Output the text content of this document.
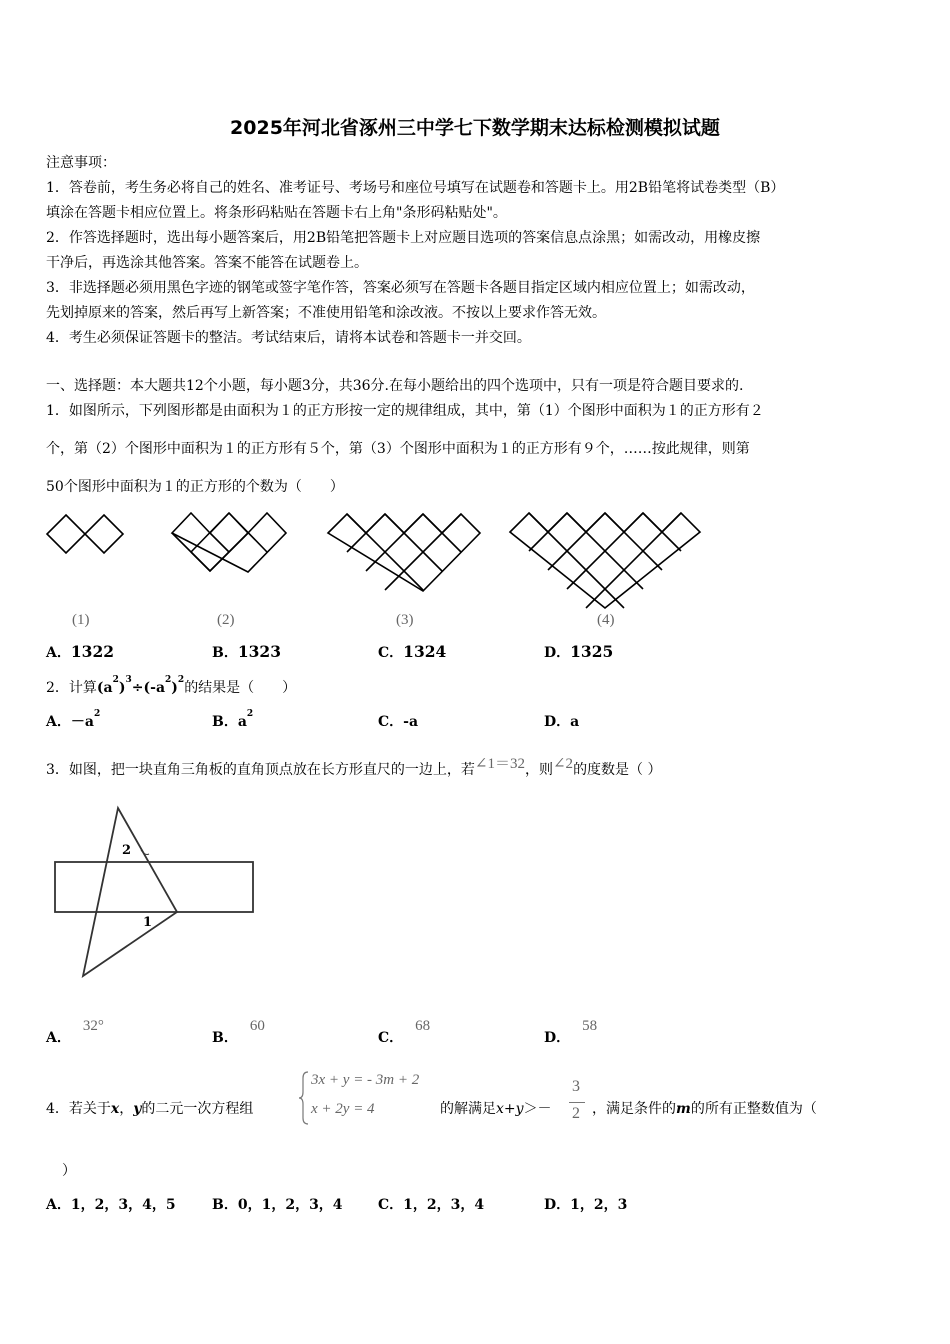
2025年河北省涿州三中学七下数学期末达标检测模拟试题
注意事项：
1．答卷前，考生务必将自己的姓名、准考证号、考场号和座位号填写在试题卷和答题卡上。用2B铅笔将试卷类型（B）
填涂在答题卡相应位置上。将条形码粘贴在答题卡右上角"条形码粘贴处"。
2．作答选择题时，选出每小题答案后，用2B铅笔把答题卡上对应题目选项的答案信息点涂黑；如需改动，用橡皮擦
干净后，再选涂其他答案。答案不能答在试题卷上。
3．非选择题必须用黑色字迹的钢笔或签字笔作答，答案必须写在答题卡各题目指定区域内相应位置上；如需改动，
先划掉原来的答案，然后再写上新答案；不准使用铅笔和涂改液。不按以上要求作答无效。
4．考生必须保证答题卡的整洁。考试结束后，请将本试卷和答题卡一并交回。
一、选择题：本大题共12个小题，每小题3分，共36分.在每小题给出的四个选项中，只有一项是符合题目要求的.
1．如图所示，下列图形都是由面积为１的正方形按一定的规律组成，其中，第（1）个图形中面积为１的正方形有２
个，第（2）个图形中面积为１的正方形有５个，第（3）个图形中面积为１的正方形有９个，……按此规律，则第
50个图形中面积为１的正方形的个数为（　　）
(1)	(2)	(3)	(4)
A．1322	B．1323	C．1324	D．1325
2．计算$(a^2)^3\div(-a^2)^2$的结果是（　　）
A．$-a^2$	B．$a^2$	C．-a	D．a
3．如图，把一块直角三角板的直角顶点放在长方形直尺的一边上，若∠1＝32，则∠2的度数是（ ）
2
1
A．32°
B．60
C．68
D．58
4．若关于x，y的二元一次方程组
3x + y = - 3m + 2
x + 2y = 4	的解满足x+y＞－
3
2 ，满足条件的m的所有正整数值为（
）
A．1，2，3，4，5	B．0，1，2，3，4	C．1，2，3，4	D．1，2，3
